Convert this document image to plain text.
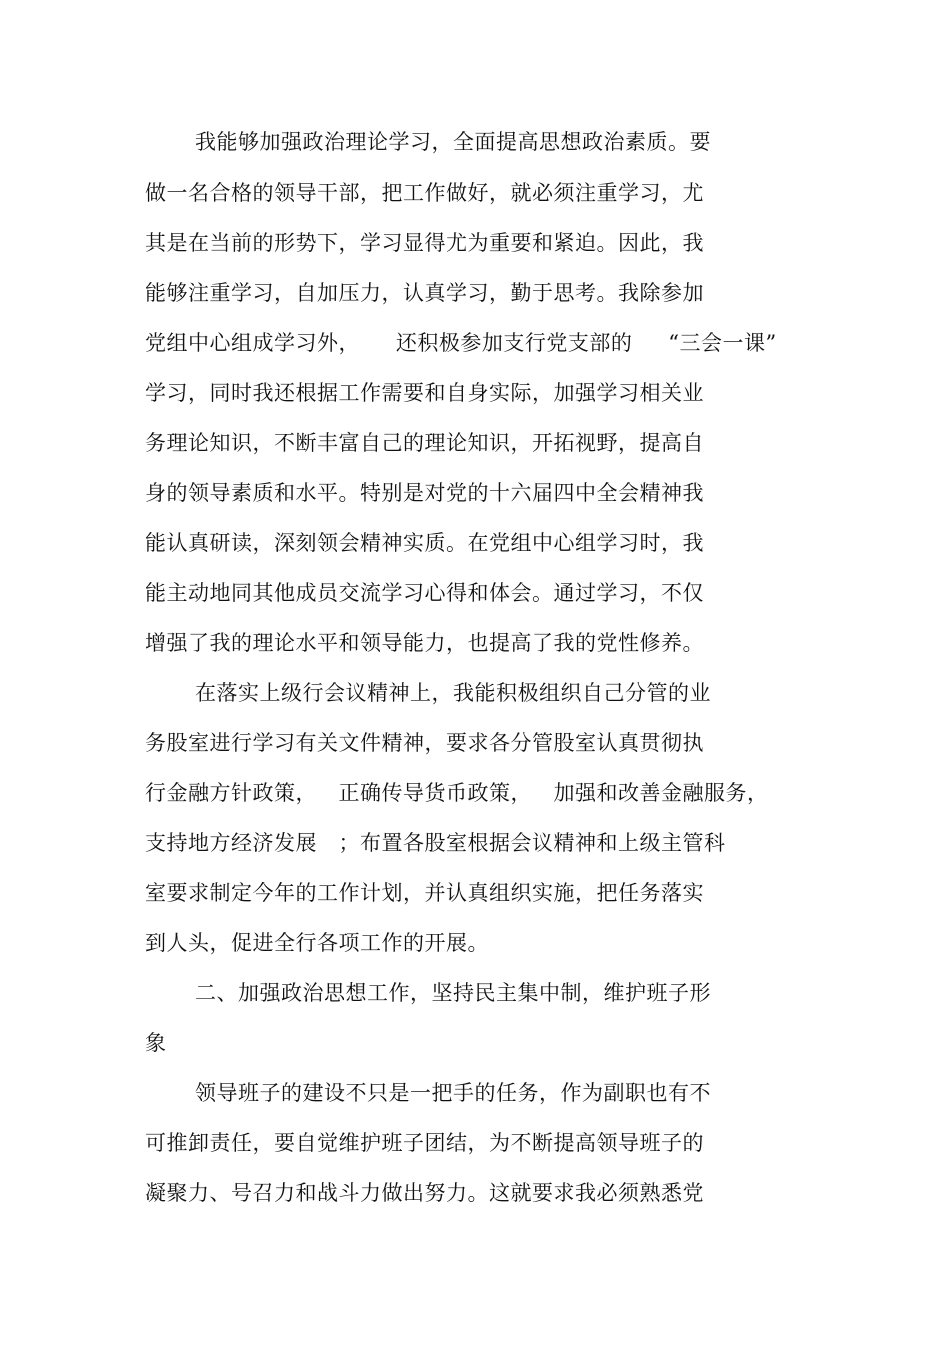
我能够加强政治理论学习，全面提高思想政治素质。要
做一名合格的领导干部，把工作做好，就必须注重学习，尤
其是在当前的形势下，学习显得尤为重要和紧迫。因此，我
能够注重学习，自加压力，认真学习，勤于思考。我除参加
党组中心组成学习外，     还积极参加支行党支部的     “三会一课”
学习，同时我还根据工作需要和自身实际，加强学习相关业
务理论知识，不断丰富自己的理论知识，开拓视野，提高自
身的领导素质和水平。特别是对党的十六届四中全会精神我
能认真研读，深刻领会精神实质。在党组中心组学习时，我
能主动地同其他成员交流学习心得和体会。通过学习，不仅
增强了我的理论水平和领导能力，也提高了我的党性修养。
在落实上级行会议精神上，我能积极组织自己分管的业
务股室进行学习有关文件精神，要求各分管股室认真贯彻执
行金融方针政策，   正确传导货币政策，   加强和改善金融服务，
支持地方经济发展   ；布置各股室根据会议精神和上级主管科
室要求制定今年的工作计划，并认真组织实施，把任务落实
到人头，促进全行各项工作的开展。
二、加强政治思想工作，坚持民主集中制，维护班子形
象
领导班子的建设不只是一把手的任务，作为副职也有不
可推卸责任，要自觉维护班子团结，为不断提高领导班子的
凝聚力、号召力和战斗力做出努力。这就要求我必须熟悉党
